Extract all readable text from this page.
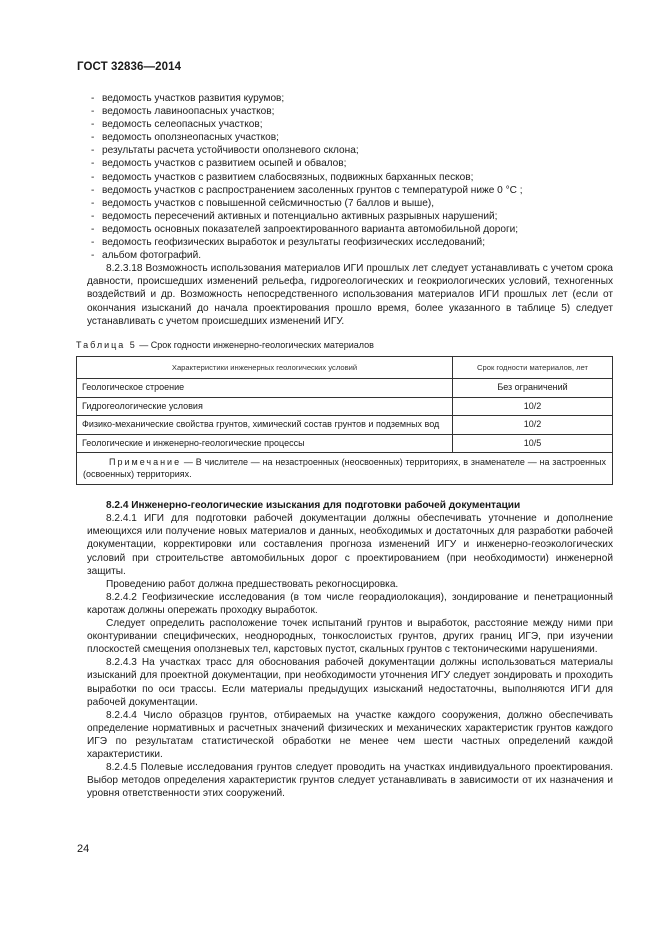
ГОСТ 32836—2014
- ведомость участков развития курумов;
- ведомость лавиноопасных участков;
- ведомость селеопасных участков;
- ведомость оползнеопасных участков;
- результаты расчета устойчивости оползневого склона;
- ведомость участков с развитием осыпей и обвалов;
- ведомость участков с развитием слабосвязных, подвижных барханных песков;
- ведомость участков с распространением засоленных грунтов с температурой ниже 0 °С ;
- ведомость участков с повышенной сейсмичностью (7 баллов и выше),
- ведомость пересечений активных и потенциально активных разрывных нарушений;
- ведомость основных показателей запроектированного варианта автомобильной дороги;
- ведомость геофизических выработок и результаты геофизических исследований;
- альбом фотографий.

8.2.3.18 Возможность использования материалов ИГИ прошлых лет следует устанавливать с учетом срока давности, происшедших изменений рельефа, гидрогеологических и геокриологических условий, техногенных воздействий и др. Возможность непосредственного использования материалов ИГИ прошлых лет (если от окончания изысканий до начала проектирования прошло время, более указанного в таблице 5) следует устанавливать с учетом происшедших изменений ИГУ.

Таблица 5 — Срок годности инженерно-геологических материалов
Характеристики инженерных геологических условий	Срок годности материалов, лет
Геологическое строение	Без ограничений
Гидрогеологические условия	10/2
Физико-механические свойства грунтов, химический состав грунтов и подземных вод	10/2
Геологические и инженерно-геологические процессы	10/5
Примечание — В числителе — на незастроенных (неосвоенных) территориях, в знаменателе — на застроенных (освоенных) территориях.	

8.2.4 Инженерно-геологические изыскания для подготовки рабочей документации

8.2.4.1 ИГИ для подготовки рабочей документации должны обеспечивать уточнение и дополнение имеющихся или получение новых материалов и данных, необходимых и достаточных для разработки рабочей документации, корректировки или составления прогноза изменений ИГУ и инженерно-геоэкологических условий при строительстве автомобильных дорог с проектированием (при необходимости) инженерной защиты.

Проведению работ должна предшествовать рекогносцировка.

8.2.4.2 Геофизические исследования (в том числе георадиолокация), зондирование и пенетрационный каротаж должны опережать проходку выработок.

Следует определить расположение точек испытаний грунтов и выработок, расстояние между ними при оконтуривании специфических, неоднородных, тонкослоистых грунтов, других границ ИГЭ, при изучении плоскостей смещения оползневых тел, карстовых пустот, скальных грунтов с тектоническими нарушениями.

8.2.4.3 На участках трасс для обоснования рабочей документации должны использоваться материалы изысканий для проектной документации, при необходимости уточнения ИГУ следует зондировать и проходить выработки по оси трассы. Если материалы предыдущих изысканий недостаточны, выполняются ИГИ для рабочей документации.

8.2.4.4 Число образцов грунтов, отбираемых на участке каждого сооружения, должно обеспечивать определение нормативных и расчетных значений физических и механических характеристик грунтов каждого ИГЭ по результатам статистической обработки не менее чем шести частных определений каждой характеристики.

8.2.4.5 Полевые исследования грунтов следует проводить на участках индивидуального проектирования. Выбор методов определения характеристик грунтов следует устанавливать в зависимости от их назначения и уровня ответственности этих сооружений.

24
